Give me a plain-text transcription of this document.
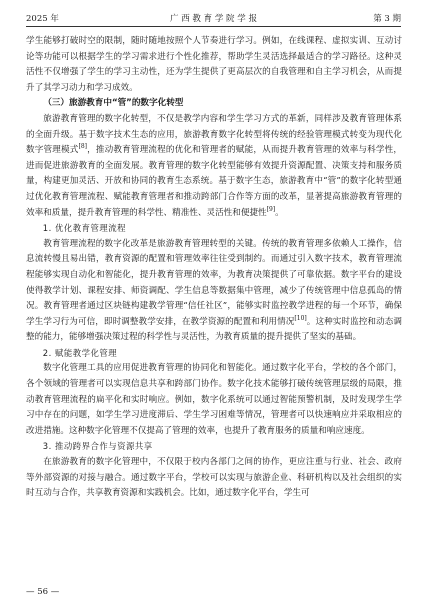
2025 年	广 西 教 育 学 院 学 报	第 3 期

学生能够打破时空的限制，随时随地按照个人节奏进行学习。例如，在线课程、虚拟实训、互动讨论等功能可以根据学生的学习需求进行个性化推荐，帮助学生灵活选择最适合的学习路径。这种灵活性不仅增强了学生的学习主动性，还为学生提供了更高层次的自我管理和自主学习机会，从而提升了其学习动力和学习成效。

（三）旅游教育中“管”的数字化转型

旅游教育管理的数字化转型，不仅是教学内容和学生学习方式的革新，同样涉及教育管理体系的全面升级。基于数字技术生态的应用，旅游教育数字化转型将传统的经验管理模式转变为现代化数字管理模式[8]，推动教育管理流程的优化和管理者的赋能，从而提升教育管理的效率与科学性，进而促进旅游教育的全面发展。教育管理的数字化转型能够有效提升资源配置、决策支持和服务质量，构建更加灵活、开放和协同的教育生态系统。基于数字生态，旅游教育中“管”的数字化转型通过优化教育管理流程、赋能教育管理者和推动跨部门合作等方面的改革，显著提高旅游教育管理的效率和质量，提升教育管理的科学性、精准性、灵活性和便捷性[9]。

1. 优化教育管理流程

教育管理流程的数字化改革是旅游教育管理转型的关键。传统的教育管理多依赖人工操作，信息流转慢且易出错，教育资源的配置和管理效率往往受到制约。而通过引入数字技术，教育管理流程能够实现自动化和智能化，提升教育管理的效率，为教育决策提供了可靠依据。数字平台的建设使得教学计划、课程安排、师资调配、学生信息等数据集中管理，减少了传统管理中信息孤岛的情况。教育管理者通过区块链构建教学管理“信任社区”，能够实时监控教学进程的每一个环节，确保学生学习行为可信，即时调整教学安排，在教学资源的配置和利用情况[10]。这种实时监控和动态调整的能力，能够增强决策过程的科学性与灵活性，为教育质量的提升提供了坚实的基础。

2. 赋能教学化管理

数字化管理工具的应用促进教育管理的协同化和智能化。通过数字化平台，学校的各个部门，各个领域的管理者可以实现信息共享和跨部门协作。数字化技术能够打破传统管理层级的局限，推动教育管理流程的扁平化和实时响应。例如，数字化系统可以通过智能预警机制，及时发现学生学习中存在的问题，如学生学习进度滞后、学生学习困难等情况，管理者可以快速响应并采取相应的改进措施。这种数字化管理不仅提高了管理的效率，也提升了教育服务的质量和响应速度。

3. 推动跨界合作与资源共享

在旅游教育的数字化管理中，不仅限于校内各部门之间的协作，更应注重与行业、社会、政府等外部资源的对接与融合。通过数字平台，学校可以实现与旅游企业、科研机构以及社会组织的实时互动与合作，共享教育资源和实践机会。比如，通过数字化平台，学生可

— 56 —
